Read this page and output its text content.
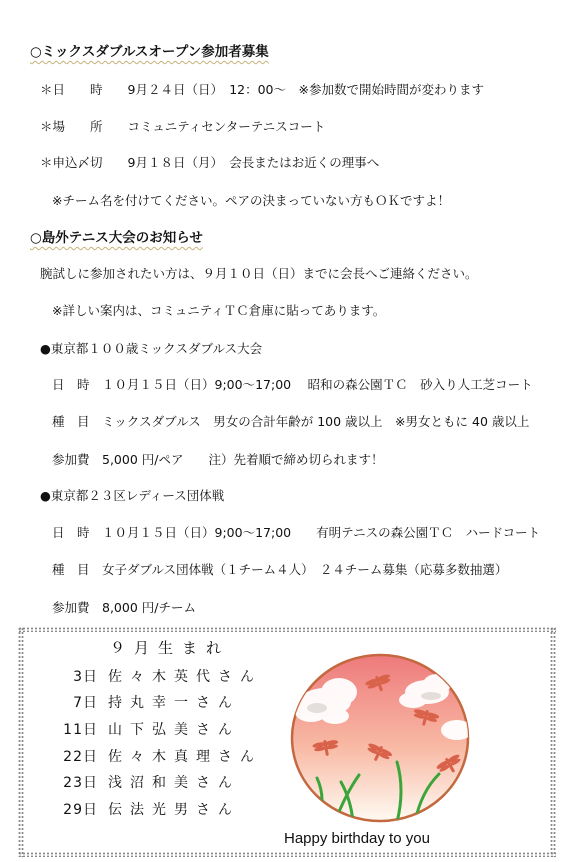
○ミックスダブルスオープン参加者募集
＊日　　時　　9月２４日（日）　12：00～　※参加数で開始時間が変わります
＊場　　所　　コミュニティセンターテニスコート
＊申込〆切　　9月１８日（月）　会長またはお近くの理事へ
※チーム名を付けてください。ペアの決まっていない方もＯＫですよ！
○島外テニス大会のお知らせ
腕試しに参加されたい方は、９月１０日（日）までに会長へご連絡ください。
※詳しい案内は、コミュニティＴＣ倉庫に貼ってあります。
●東京都１００歳ミックスダブルス大会
日　時　１０月１５日（日）9;00～17;00　 昭和の森公園ＴＣ　砂入り人工芝コート
種　目　ミックスダブルス　男女の合計年齢が 100 歳以上　※男女ともに 40 歳以上
参加費　5,000 円/ペア　　注）先着順で締め切られます！
●東京都２３区レディース団体戦
日　時　１０月１５日（日）9;00～17;00　　有明テニスの森公園ＴＣ　ハードコート
種　目　女子ダブルス団体戦（１チーム４人）　２４チーム募集（応募多数抽選）
参加費　8,000 円/チーム
９月生まれ
3日 佐々木英代さん
7日 持丸幸一さん
11日 山下弘美さん
22日 佐々木真理さん
23日 浅沼和美さん
29日 伝法光男さん
Happy birthday to you
